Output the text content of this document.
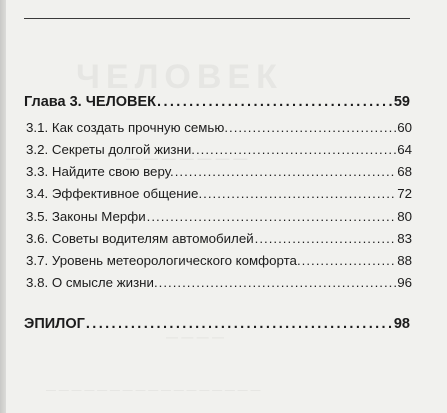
ЧЕЛОВЕК
— — — — — — —
— — — —
— — — — — — — — — — — — — — — — —
Глава 3. ЧЕЛОВЕК .....	59
3.1. Как создать прочную семью. .....	60
3.2. Секреты долгой жизни. .....	64
3.3. Найдите свою веру. .....	68
3.4. Эффективное общение. .....	72
3.5. Законы Мерфи .....	80
3.6. Советы водителям автомобилей .....	83
3.7. Уровень метеорологического комфорта. .....	88
3.8. О смысле жизни. .....	96
ЭПИЛОГ .....	98
